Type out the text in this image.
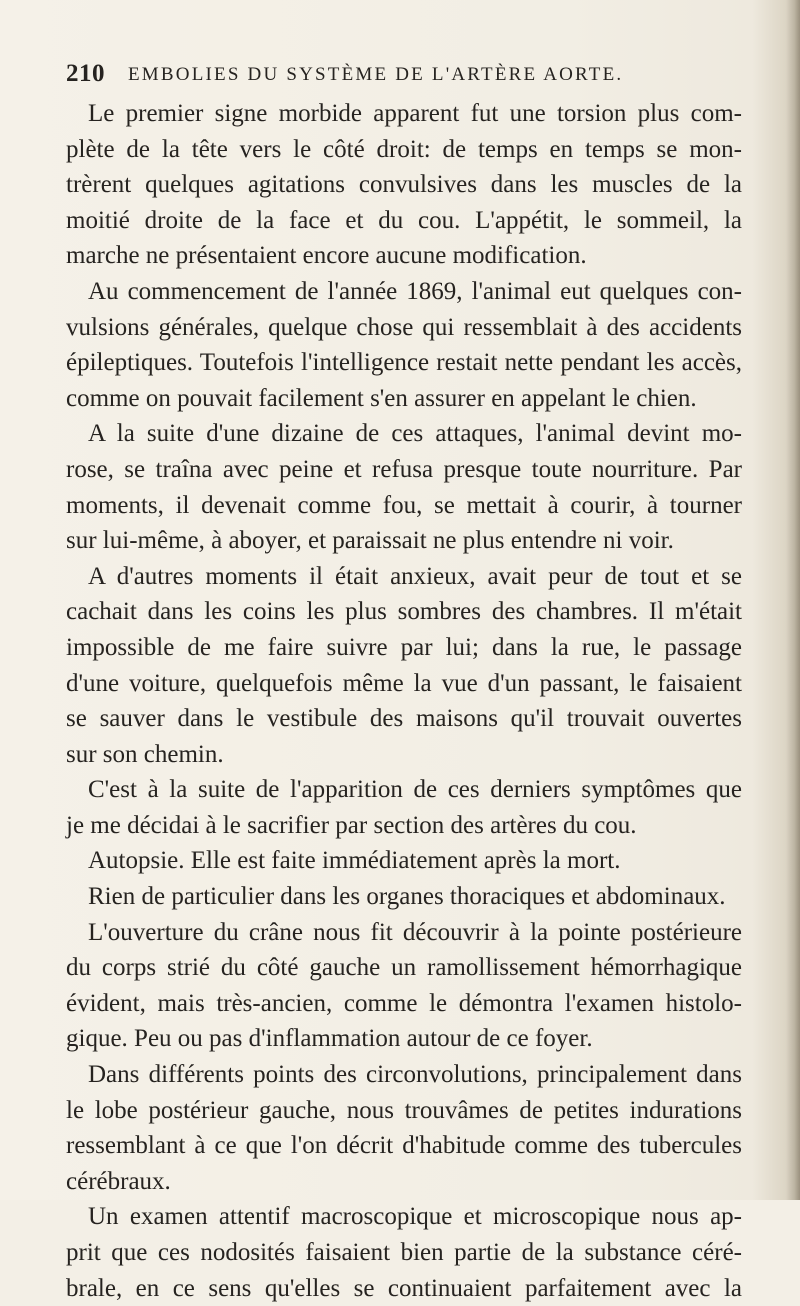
210 EMBOLIES DU SYSTÈME DE L'ARTÈRE AORTE.
Le premier signe morbide apparent fut une torsion plus com-
plète de la tête vers le côté droit: de temps en temps se mon-
trèrent quelques agitations convulsives dans les muscles de la
moitié droite de la face et du cou. L'appétit, le sommeil, la
marche ne présentaient encore aucune modification.
Au commencement de l'année 1869, l'animal eut quelques con-
vulsions générales, quelque chose qui ressemblait à des accidents
épileptiques. Toutefois l'intelligence restait nette pendant les accès,
comme on pouvait facilement s'en assurer en appelant le chien.
A la suite d'une dizaine de ces attaques, l'animal devint mo-
rose, se traîna avec peine et refusa presque toute nourriture. Par
moments, il devenait comme fou, se mettait à courir, à tourner
sur lui-même, à aboyer, et paraissait ne plus entendre ni voir.
A d'autres moments il était anxieux, avait peur de tout et se
cachait dans les coins les plus sombres des chambres. Il m'était
impossible de me faire suivre par lui; dans la rue, le passage
d'une voiture, quelquefois même la vue d'un passant, le faisaient
se sauver dans le vestibule des maisons qu'il trouvait ouvertes
sur son chemin.
C'est à la suite de l'apparition de ces derniers symptômes que
je me décidai à le sacrifier par section des artères du cou.
Autopsie. Elle est faite immédiatement après la mort.
Rien de particulier dans les organes thoraciques et abdominaux.
L'ouverture du crâne nous fit découvrir à la pointe postérieure
du corps strié du côté gauche un ramollissement hémorrhagique
évident, mais très-ancien, comme le démontra l'examen histolo-
gique. Peu ou pas d'inflammation autour de ce foyer.
Dans différents points des circonvolutions, principalement dans
le lobe postérieur gauche, nous trouvâmes de petites indurations
ressemblant à ce que l'on décrit d'habitude comme des tubercules
cérébraux.
Un examen attentif macroscopique et microscopique nous ap-
prit que ces nodosités faisaient bien partie de la substance céré-
brale, en ce sens qu'elles se continuaient parfaitement avec la
